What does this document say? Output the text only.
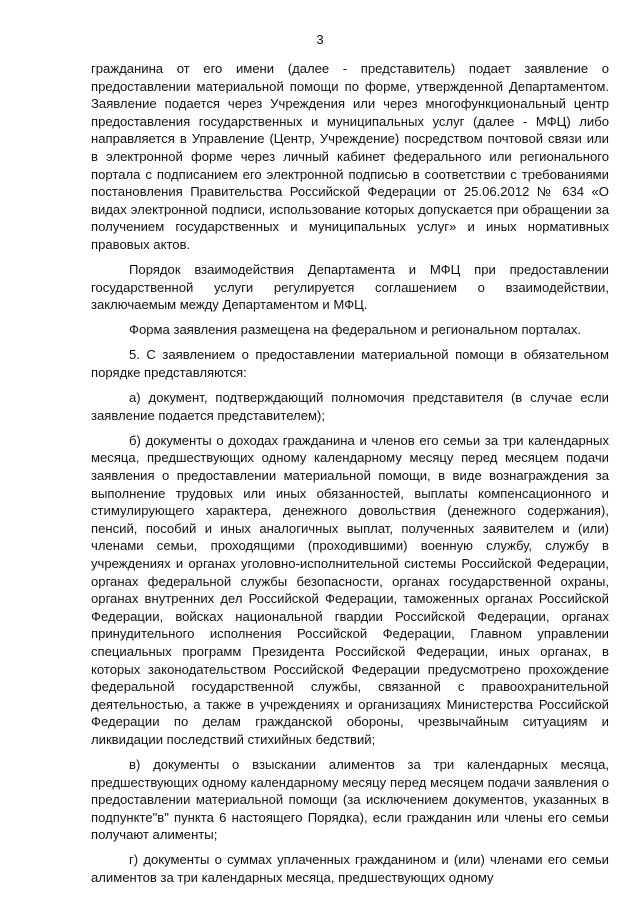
3

гражданина от его имени (далее - представитель) подает заявление о предоставлении материальной помощи по форме, утвержденной Департаментом. Заявление подается через Учреждения или через многофункциональный центр предоставления государственных и муниципальных услуг (далее - МФЦ) либо направляется в Управление (Центр, Учреждение) посредством почтовой связи или в электронной форме через личный кабинет федерального или регионального портала с подписанием его электронной подписью в соответствии с требованиями постановления Правительства Российской Федерации от 25.06.2012 № 634 «О видах электронной подписи, использование которых допускается при обращении за получением государственных и муниципальных услуг» и иных нормативных правовых актов.

Порядок взаимодействия Департамента и МФЦ при предоставлении государственной услуги регулируется соглашением о взаимодействии, заключаемым между Департаментом и МФЦ.

Форма заявления размещена на федеральном и региональном порталах.

5. С заявлением о предоставлении материальной помощи в обязательном порядке представляются:

а) документ, подтверждающий полномочия представителя (в случае если заявление подается представителем);

б) документы о доходах гражданина и членов его семьи за три календарных месяца, предшествующих одному календарному месяцу перед месяцем подачи заявления о предоставлении материальной помощи, в виде вознаграждения за выполнение трудовых или иных обязанностей, выплаты компенсационного и стимулирующего характера, денежного довольствия (денежного содержания), пенсий, пособий и иных аналогичных выплат, полученных заявителем и (или) членами семьи, проходящими (проходившими) военную службу, службу в учреждениях и органах уголовно-исполнительной системы Российской Федерации, органах федеральной службы безопасности, органах государственной охраны, органах внутренних дел Российской Федерации, таможенных органах Российской Федерации, войсках национальной гвардии Российской Федерации, органах принудительного исполнения Российской Федерации, Главном управлении специальных программ Президента Российской Федерации, иных органах, в которых законодательством Российской Федерации предусмотрено прохождение федеральной государственной службы, связанной с правоохранительной деятельностью, а также в учреждениях и организациях Министерства Российской Федерации по делам гражданской обороны, чрезвычайным ситуациям и ликвидации последствий стихийных бедствий;

в) документы о взыскании алиментов за три календарных месяца, предшествующих одному календарному месяцу перед месяцем подачи заявления о предоставлении материальной помощи (за исключением документов, указанных в подпункте"в" пункта 6 настоящего Порядка), если гражданин или члены его семьи получают алименты;

г) документы о суммах уплаченных гражданином и (или) членами его семьи алиментов за три календарных месяца, предшествующих одному
